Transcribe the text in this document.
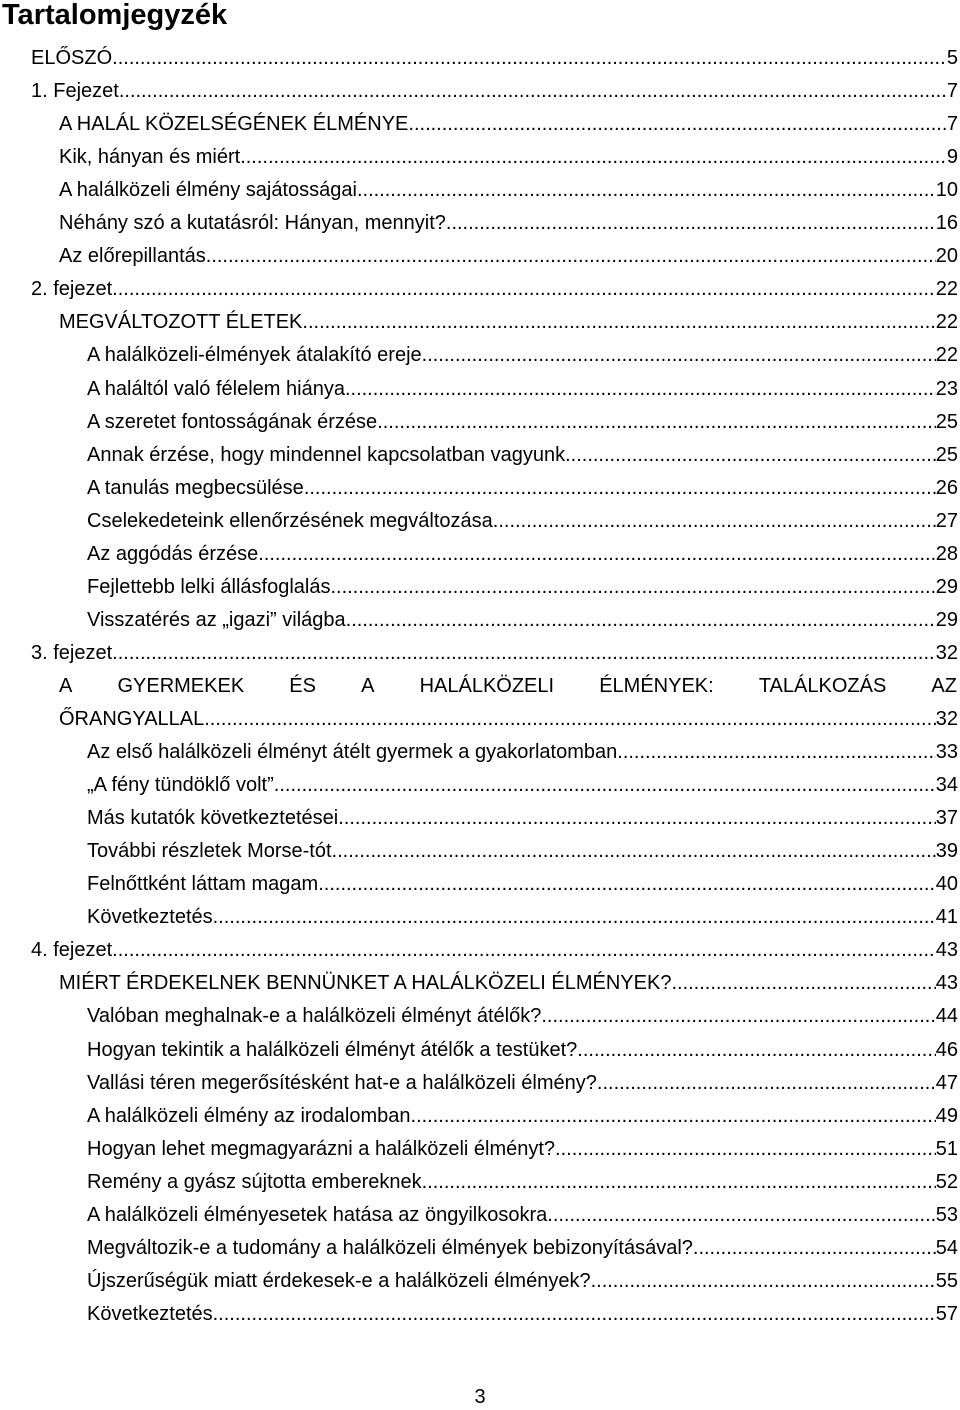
Tartalomjegyzék
ELŐSZÓ. .....	5
1. Fejezet. .....	7
A HALÁL KÖZELSÉGÉNEK ÉLMÉNYE. .....	7
Kik, hányan és miért. .....	9
A halálközeli élmény sajátosságai. .....	10
Néhány szó a kutatásról: Hányan, mennyit?. .....	16
Az előrepillantás. .....	20
2. fejezet. .....	22
MEGVÁLTOZOTT ÉLETEK. .....	22
A halálközeli-élmények átalakító ereje .....	22
A haláltól való félelem hiánya .....	23
A szeretet fontosságának érzése .....	25
Annak érzése, hogy mindennel kapcsolatban vagyunk .....	25
A tanulás megbecsülése .....	26
Cselekedeteink ellenőrzésének megváltozása .....	27
Az aggódás érzése .....	28
Fejlettebb lelki állásfoglalás .....	29
Visszatérés az „igazi” világba .....	29
3. fejezet .....	32
A GYERMEKEK ÉS A HALÁLKÖZELI ÉLMÉNYEK: TALÁLKOZÁS AZ
ŐRANGYALLAL .....	32
Az első halálközeli élményt átélt gyermek a gyakorlatomban .....	33
„A fény tündöklő volt” .....	34
Más kutatók következtetései .....	37
További részletek Morse-tót .....	39
Felnőttként láttam magam .....	40
Következtetés .....	41
4. fejezet .....	43
MIÉRT ÉRDEKELNEK BENNÜNKET A HALÁLKÖZELI ÉLMÉNYEK? .....	43
Valóban meghalnak-e a halálközeli élményt átélők? .....	44
Hogyan tekintik a halálközeli élményt átélők a testüket? .....	46
Vallási téren megerősítésként hat-e a halálközeli élmény? .....	47
A halálközeli élmény az irodalomban .....	49
Hogyan lehet megmagyarázni a halálközeli élményt? .....	51
Remény a gyász sújtotta embereknek .....	52
A halálközeli élményesetek hatása az öngyilkosokra .....	53
Megváltozik-e a tudomány a halálközeli élmények bebizonyításával? .....	54
Újszerűségük miatt érdekesek-e a halálközeli élmények? .....	55
Következtetés .....	57
3
